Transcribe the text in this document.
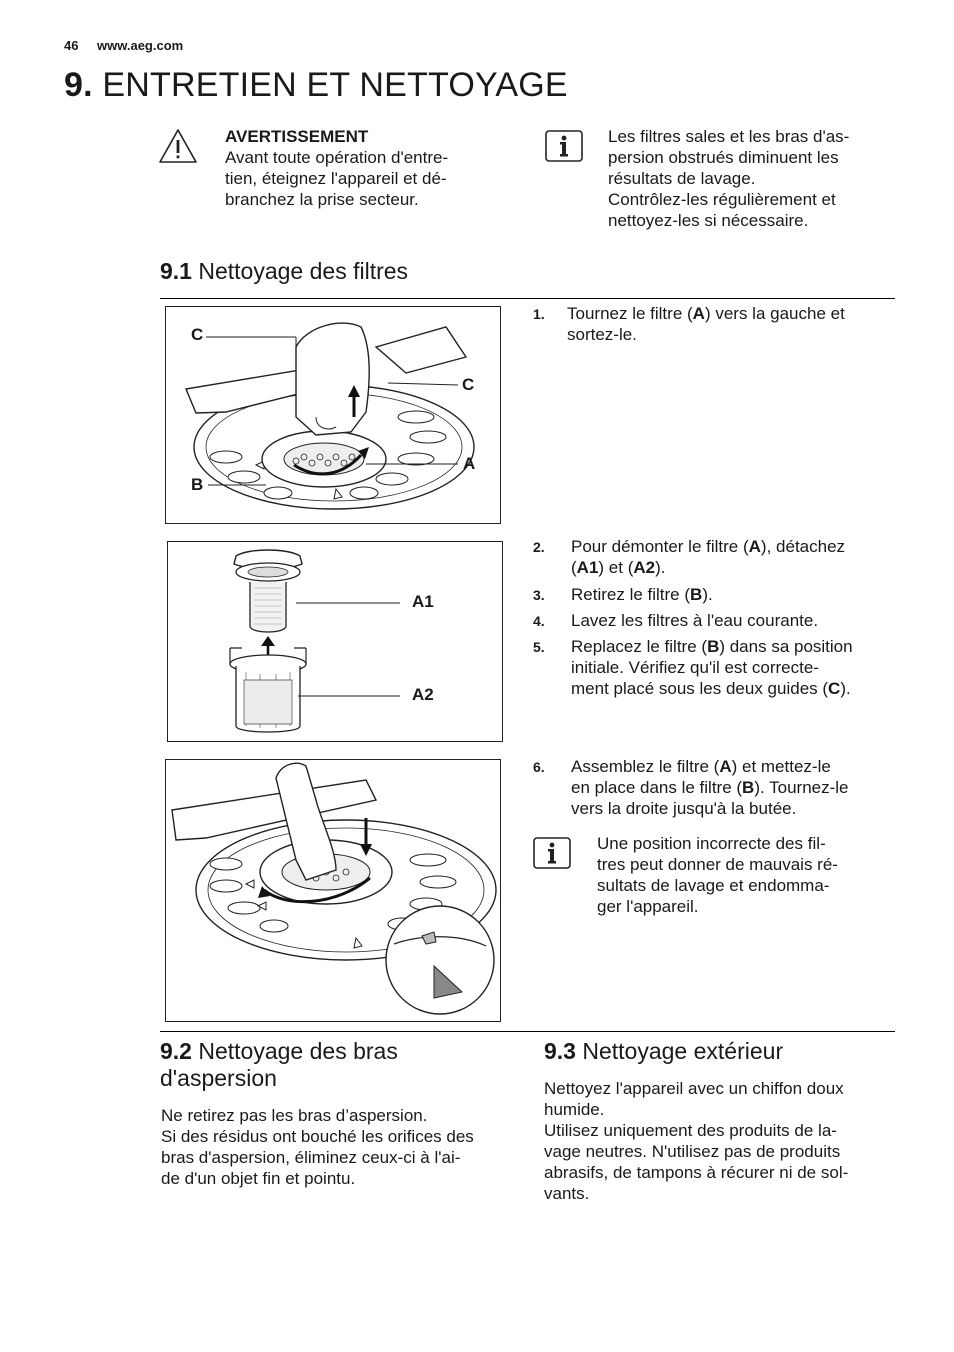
46 www.aeg.com
9. ENTRETIEN ET NETTOYAGE
AVERTISSEMENT
Avant toute opération d'entre-
tien, éteignez l'appareil et dé-
branchez la prise secteur.
Les filtres sales et les bras d'as-
persion obstrués diminuent les
résultats de lavage.
Contrôlez-les régulièrement et
nettoyez-les si nécessaire.
9.1 Nettoyage des filtres
C
C
A
B
1. Tournez le filtre (A) vers la gauche et
sortez-le.
A1
A2
2. Pour démonter le filtre (A), détachez
(A1) et (A2).
3. Retirez le filtre (B).
4. Lavez les filtres à l'eau courante.
5. Replacez le filtre (B) dans sa position
initiale. Vérifiez qu'il est correcte-
ment placé sous les deux guides (C).
6. Assemblez le filtre (A) et mettez-le
en place dans le filtre (B). Tournez-le
vers la droite jusqu'à la butée.
Une position incorrecte des fil-
tres peut donner de mauvais ré-
sultats de lavage et endomma-
ger l'appareil.
9.2 Nettoyage des bras
d'aspersion
Ne retirez pas les bras d’aspersion.
Si des résidus ont bouché les orifices des
bras d'aspersion, éliminez ceux-ci à l'ai-
de d'un objet fin et pointu.
9.3 Nettoyage extérieur
Nettoyez l'appareil avec un chiffon doux
humide.
Utilisez uniquement des produits de la-
vage neutres. N'utilisez pas de produits
abrasifs, de tampons à récurer ni de sol-
vants.
